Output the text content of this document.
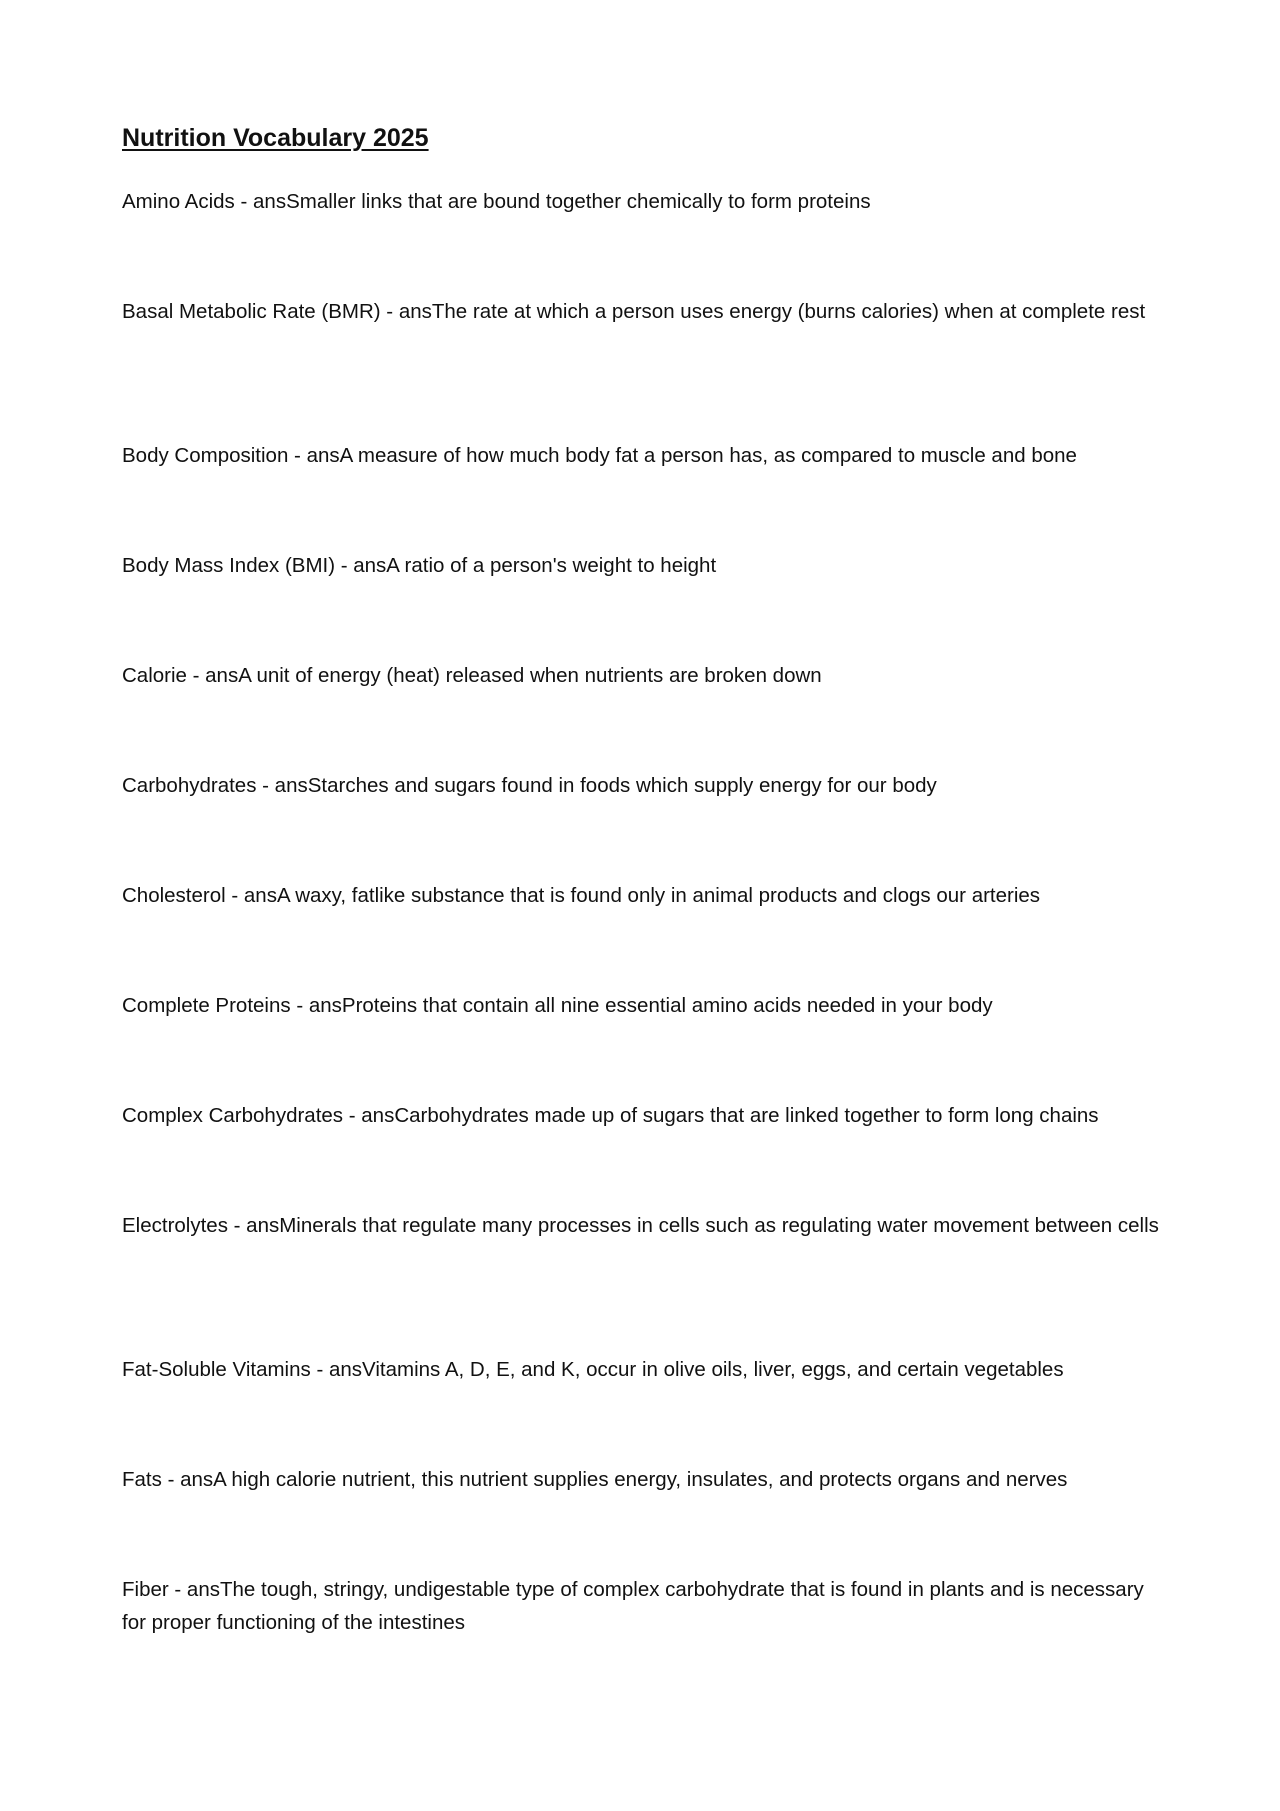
Nutrition Vocabulary 2025

Amino Acids - ansSmaller links that are bound together chemically to form proteins

Basal Metabolic Rate (BMR) - ansThe rate at which a person uses energy (burns calories) when at complete rest

Body Composition - ansA measure of how much body fat a person has, as compared to muscle and bone

Body Mass Index (BMI) - ansA ratio of a person's weight to height

Calorie - ansA unit of energy (heat) released when nutrients are broken down

Carbohydrates - ansStarches and sugars found in foods which supply energy for our body

Cholesterol - ansA waxy, fatlike substance that is found only in animal products and clogs our arteries

Complete Proteins - ansProteins that contain all nine essential amino acids needed in your body

Complex Carbohydrates - ansCarbohydrates made up of sugars that are linked together to form long chains

Electrolytes - ansMinerals that regulate many processes in cells such as regulating water movement between cells

Fat-Soluble Vitamins - ansVitamins A, D, E, and K, occur in olive oils, liver, eggs, and certain vegetables

Fats - ansA high calorie nutrient, this nutrient supplies energy, insulates, and protects organs and nerves

Fiber - ansThe tough, stringy, undigestable type of complex carbohydrate that is found in plants and is necessary for proper functioning of the intestines
